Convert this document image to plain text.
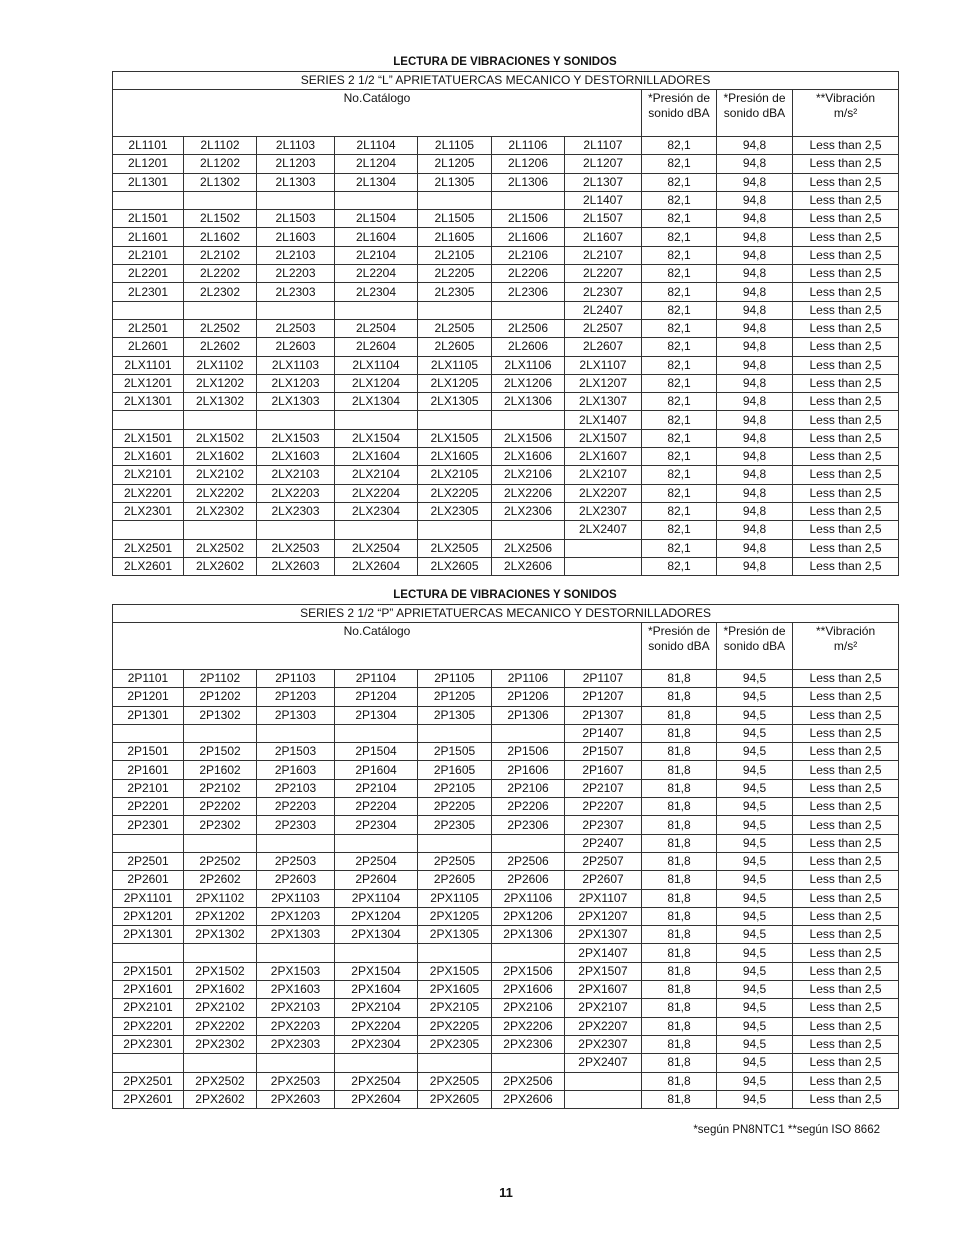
LECTURA DE VIBRACIONES Y SONIDOS
SERIES 2 1/2 “L” APRIETATUERCAS MECANICO Y DESTORNILLADORES									
No.Catálogo							*Presión de sonido dBA	*Presión de sonido dBA	**Vibración
m/s²

2L1101	2L1102	2L1103	2L1104	2L1105	2L1106	2L1107	82,1	94,8	Less than 2,5
2L1201	2L1202	2L1203	2L1204	2L1205	2L1206	2L1207	82,1	94,8	Less than 2,5
2L1301	2L1302	2L1303	2L1304	2L1305	2L1306	2L1307	82,1	94,8	Less than 2,5
						2L1407	82,1	94,8	Less than 2,5
2L1501	2L1502	2L1503	2L1504	2L1505	2L1506	2L1507	82,1	94,8	Less than 2,5
2L1601	2L1602	2L1603	2L1604	2L1605	2L1606	2L1607	82,1	94,8	Less than 2,5
2L2101	2L2102	2L2103	2L2104	2L2105	2L2106	2L2107	82,1	94,8	Less than 2,5
2L2201	2L2202	2L2203	2L2204	2L2205	2L2206	2L2207	82,1	94,8	Less than 2,5
2L2301	2L2302	2L2303	2L2304	2L2305	2L2306	2L2307	82,1	94,8	Less than 2,5
						2L2407	82,1	94,8	Less than 2,5
2L2501	2L2502	2L2503	2L2504	2L2505	2L2506	2L2507	82,1	94,8	Less than 2,5
2L2601	2L2602	2L2603	2L2604	2L2605	2L2606	2L2607	82,1	94,8	Less than 2,5
2LX1101	2LX1102	2LX1103	2LX1104	2LX1105	2LX1106	2LX1107	82,1	94,8	Less than 2,5
2LX1201	2LX1202	2LX1203	2LX1204	2LX1205	2LX1206	2LX1207	82,1	94,8	Less than 2,5
2LX1301	2LX1302	2LX1303	2LX1304	2LX1305	2LX1306	2LX1307	82,1	94,8	Less than 2,5
						2LX1407	82,1	94,8	Less than 2,5
2LX1501	2LX1502	2LX1503	2LX1504	2LX1505	2LX1506	2LX1507	82,1	94,8	Less than 2,5
2LX1601	2LX1602	2LX1603	2LX1604	2LX1605	2LX1606	2LX1607	82,1	94,8	Less than 2,5
2LX2101	2LX2102	2LX2103	2LX2104	2LX2105	2LX2106	2LX2107	82,1	94,8	Less than 2,5
2LX2201	2LX2202	2LX2203	2LX2204	2LX2205	2LX2206	2LX2207	82,1	94,8	Less than 2,5
2LX2301	2LX2302	2LX2303	2LX2304	2LX2305	2LX2306	2LX2307	82,1	94,8	Less than 2,5
						2LX2407	82,1	94,8	Less than 2,5
2LX2501	2LX2502	2LX2503	2LX2504	2LX2505	2LX2506		82,1	94,8	Less than 2,5
2LX2601	2LX2602	2LX2603	2LX2604	2LX2605	2LX2606		82,1	94,8	Less than 2,5
LECTURA DE VIBRACIONES Y SONIDOS
SERIES 2 1/2 “P” APRIETATUERCAS MECANICO Y DESTORNILLADORES									
No.Catálogo							*Presión de sonido dBA	*Presión de sonido dBA	**Vibración
m/s²

2P1101	2P1102	2P1103	2P1104	2P1105	2P1106	2P1107	81,8	94,5	Less than 2,5
2P1201	2P1202	2P1203	2P1204	2P1205	2P1206	2P1207	81,8	94,5	Less than 2,5
2P1301	2P1302	2P1303	2P1304	2P1305	2P1306	2P1307	81,8	94,5	Less than 2,5
						2P1407	81,8	94,5	Less than 2,5
2P1501	2P1502	2P1503	2P1504	2P1505	2P1506	2P1507	81,8	94,5	Less than 2,5
2P1601	2P1602	2P1603	2P1604	2P1605	2P1606	2P1607	81,8	94,5	Less than 2,5
2P2101	2P2102	2P2103	2P2104	2P2105	2P2106	2P2107	81,8	94,5	Less than 2,5
2P2201	2P2202	2P2203	2P2204	2P2205	2P2206	2P2207	81,8	94,5	Less than 2,5
2P2301	2P2302	2P2303	2P2304	2P2305	2P2306	2P2307	81,8	94,5	Less than 2,5
						2P2407	81,8	94,5	Less than 2,5
2P2501	2P2502	2P2503	2P2504	2P2505	2P2506	2P2507	81,8	94,5	Less than 2,5
2P2601	2P2602	2P2603	2P2604	2P2605	2P2606	2P2607	81,8	94,5	Less than 2,5
2PX1101	2PX1102	2PX1103	2PX1104	2PX1105	2PX1106	2PX1107	81,8	94,5	Less than 2,5
2PX1201	2PX1202	2PX1203	2PX1204	2PX1205	2PX1206	2PX1207	81,8	94,5	Less than 2,5
2PX1301	2PX1302	2PX1303	2PX1304	2PX1305	2PX1306	2PX1307	81,8	94,5	Less than 2,5
						2PX1407	81,8	94,5	Less than 2,5
2PX1501	2PX1502	2PX1503	2PX1504	2PX1505	2PX1506	2PX1507	81,8	94,5	Less than 2,5
2PX1601	2PX1602	2PX1603	2PX1604	2PX1605	2PX1606	2PX1607	81,8	94,5	Less than 2,5
2PX2101	2PX2102	2PX2103	2PX2104	2PX2105	2PX2106	2PX2107	81,8	94,5	Less than 2,5
2PX2201	2PX2202	2PX2203	2PX2204	2PX2205	2PX2206	2PX2207	81,8	94,5	Less than 2,5
2PX2301	2PX2302	2PX2303	2PX2304	2PX2305	2PX2306	2PX2307	81,8	94,5	Less than 2,5
						2PX2407	81,8	94,5	Less than 2,5
2PX2501	2PX2502	2PX2503	2PX2504	2PX2505	2PX2506		81,8	94,5	Less than 2,5
2PX2601	2PX2602	2PX2603	2PX2604	2PX2605	2PX2606		81,8	94,5	Less than 2,5
*según PN8NTC1 **según ISO 8662
11
